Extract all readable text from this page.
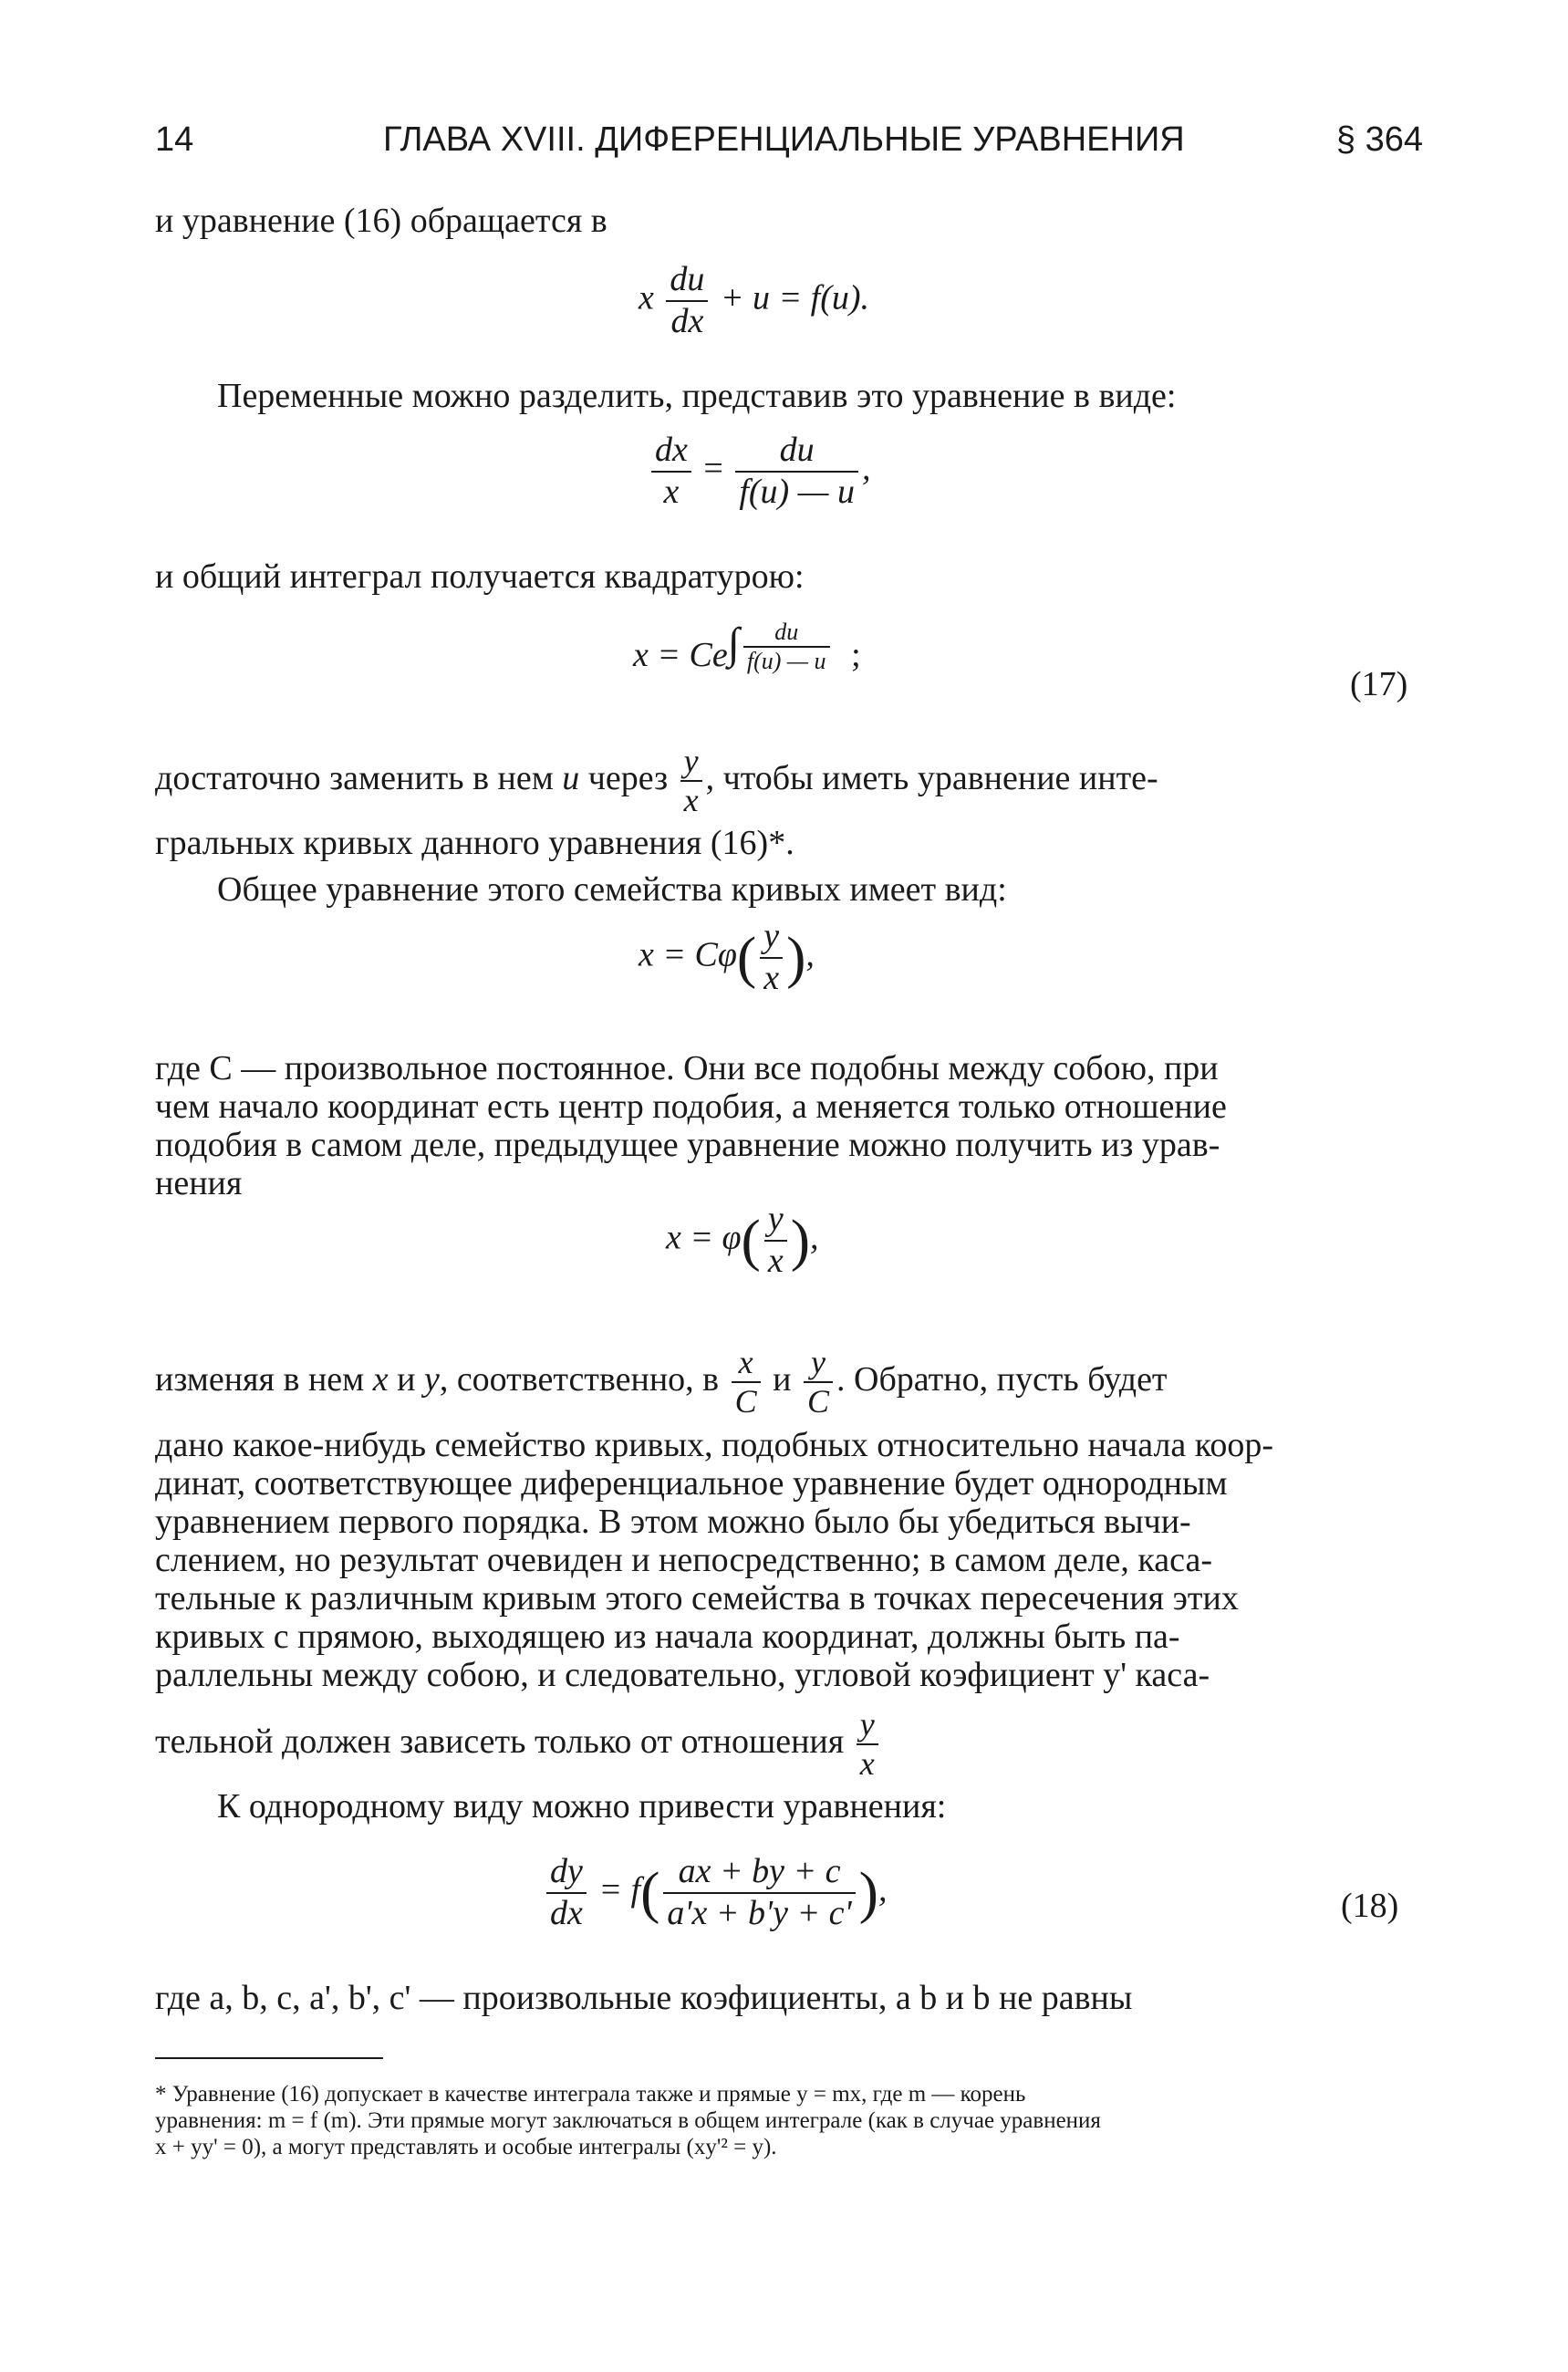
14	ГЛАВА XVIII. ДИФЕРЕНЦИАЛЬНЫЕ УРАВНЕНИЯ	§ 364
и уравнение (16) обращается в
x $\frac{du}{dx} + u = f(u)$.
Переменные можно разделить, представив это уравнение в виде:
$\frac{dx}{x} = \frac{du}{f(u) — u}$ ,
и общий интеграл получается квадратурою:
$x = Ce\int \frac{du}{f(u) — u}$ ;
(17)
достаточно заменить в нем u через $\frac{y}{x}$ , чтобы иметь уравнение инте-
гральных кривых данного уравнения (16)*.
Общее уравнение этого семейства кривых имеет вид:
$x = C\varphi( \frac{y}{x}$ ),
где C — произвольное постоянное. Они все подобны между собою, при
чем начало координат есть центр подобия, а меняется только отношение
подобия в самом деле, предыдущее уравнение можно получить из урав-
нения
$x = \varphi( \frac{y}{x}$ ),
изменяя в нем x и y, соответственно, в $\frac{x}{C}$ и $\frac{y}{C}$ . Обратно, пусть будет
дано какое-нибудь семейство кривых, подобных относительно начала коор-
динат, соответствующее диференциальное уравнение будет однородным
уравнением первого порядка. В этом можно было бы убедиться вычи-
слением, но результат очевиден и непосредственно; в самом деле, каса-
тельные к различным кривым этого семейства в точках пересечения этих
кривых с прямою, выходящею из начала координат, должны быть па-
раллельны между собою, и следовательно, угловой коэфициент y' каса-
тельной должен зависеть только от отношения $\frac{y}{x}$
К однородному виду можно привести уравнения:
$\frac{dy}{dx} = f( \frac{ax + by + c}{a'x + b'y + c'}$ ),	(18)
где a, b, c, a', b', c' — произвольные коэфициенты, а b и b не равны
* Уравнение (16) допускает в качестве интеграла также и прямые y = mx, где m — корень
уравнения: m = f (m). Эти прямые могут заключаться в общем интеграле (как в случае уравнения
x + yy' = 0), а могут представлять и особые интегралы (xy'² = y).
